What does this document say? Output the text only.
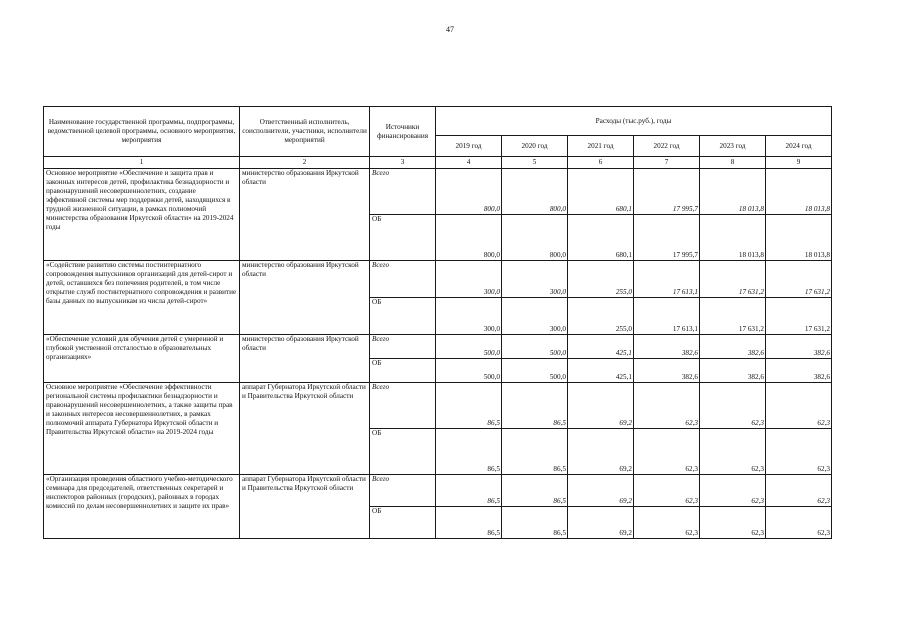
47
Наименование государственной программы, подпрограммы, ведомственной целевой программы, основного мероприятия, мероприятия	Ответственный исполнитель, соисполнители, участники, исполнители мероприятий	Источники финансирования	Расходы (тыс.руб.), годы					
			2019 год	2020 год	2021 год	2022 год	2023 год	2024 год
1	2	3	4	5	6	7	8	9
Основное мероприятие «Обеспечение и защита прав и законных интересов детей, профилактика безнадзорности и правонарушений несовершеннолетних, создание эффективной системы мер поддержки детей, находящихся в трудной жизненной ситуации, в рамках полномочий министерства образования Иркутской области» на 2019-2024 годы	министерство образования Иркутской области	Всего	800,0	800,0	680,1	17 995,7	18 013,8	18 013,8
		ОБ	800,0	800,0	680,1	17 995,7	18 013,8	18 013,8
«Содействие развитию системы постинтернатного сопровождения выпускников организаций для детей-сирот и детей, оставшихся без попечения родителей, в том числе открытие служб постинтернатного сопровождения и развитие базы данных по выпускникам из числа детей-сирот»	министерство образования Иркутской области	Всего	300,0	300,0	255,0	17 613,1	17 631,2	17 631,2
		ОБ	300,0	300,0	255,0	17 613,1	17 631,2	17 631,2
«Обеспечение условий для обучения детей с умеренной и глубокой умственной отсталостью в образовательных организациях»	министерство образования Иркутской области	Всего	500,0	500,0	425,1	382,6	382,6	382,6
		ОБ	500,0	500,0	425,1	382,6	382,6	382,6
Основное мероприятие «Обеспечение эффективности региональной системы профилактики безнадзорности и правонарушений несовершеннолетних, а также защиты прав и законных интересов несовершеннолетних, в рамках полномочий аппарата Губернатора Иркутской области и Правительства Иркутской области» на 2019-2024 годы	аппарат Губернатора Иркутской области и Правительства Иркутской области	Всего	86,5	86,5	69,2	62,3	62,3	62,3
		ОБ	86,5	86,5	69,2	62,3	62,3	62,3
«Организация проведения областного учебно-методического семинара для председателей, ответственных секретарей и инспекторов районных (городских), районных в городах комиссий по делам несовершеннолетних и защите их прав»	аппарат Губернатора Иркутской области и Правительства Иркутской области	Всего	86,5	86,5	69,2	62,3	62,3	62,3
		ОБ	86,5	86,5	69,2	62,3	62,3	62,3
